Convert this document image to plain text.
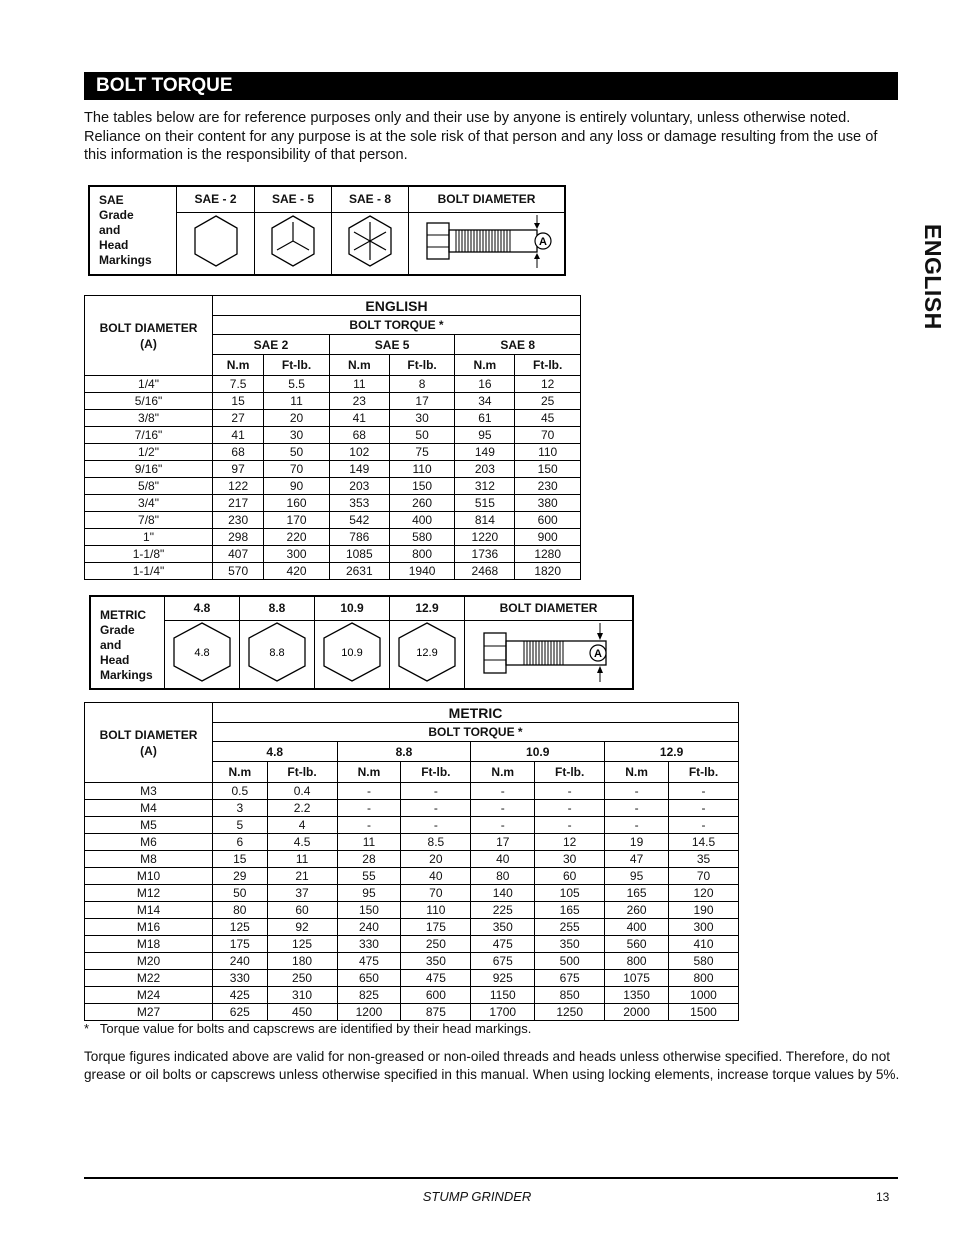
BOLT TORQUE
ENGLISH
The tables below are for reference purposes only and their use by anyone is entirely voluntary, unless otherwise noted. Reliance on their content for any purpose is at the sole risk of that person and any loss or damage resulting from the use of this information is the responsibility of that person.
SAE
Grade
and
Head
Markings	SAE - 2	SAE - 5	SAE - 8	BOLT DIAMETER

A
BOLT DIAMETER
(A)	ENGLISH					
	BOLT TORQUE *					
	SAE 2		SAE 5		SAE 8	
	N.m	Ft-lb.	N.m	Ft-lb.	N.m	Ft-lb.
1/4"	7.5	5.5	11	8	16	12
5/16"	15	11	23	17	34	25
3/8"	27	20	41	30	61	45
7/16"	41	30	68	50	95	70
1/2"	68	50	102	75	149	110
9/16"	97	70	149	110	203	150
5/8"	122	90	203	150	312	230
3/4"	217	160	353	260	515	380
7/8"	230	170	542	400	814	600
1"	298	220	786	580	1220	900
1-1/8"	407	300	1085	800	1736	1280
1-1/4"	570	420	2631	1940	2468	1820
METRIC
Grade
and
Head
Markings	4.8	8.8	10.9	12.9	BOLT DIAMETER

4.8	8.8	10.9	12.9	A
BOLT DIAMETER
(A)	METRIC							
	BOLT TORQUE *							
	4.8		8.8		10.9		12.9	
	N.m	Ft-lb.	N.m	Ft-lb.	N.m	Ft-lb.	N.m	Ft-lb.
M3	0.5	0.4	-	-	-	-	-	-
M4	3	2.2	-	-	-	-	-	-
M5	5	4	-	-	-	-	-	-
M6	6	4.5	11	8.5	17	12	19	14.5
M8	15	11	28	20	40	30	47	35
M10	29	21	55	40	80	60	95	70
M12	50	37	95	70	140	105	165	120
M14	80	60	150	110	225	165	260	190
M16	125	92	240	175	350	255	400	300
M18	175	125	330	250	475	350	560	410
M20	240	180	475	350	675	500	800	580
M22	330	250	650	475	925	675	1075	800
M24	425	310	825	600	1150	850	1350	1000
M27	625	450	1200	875	1700	1250	2000	1500
* Torque value for bolts and capscrews are identified by their head markings.
Torque figures indicated above are valid for non-greased or non-oiled threads and heads unless otherwise specified. Therefore, do not grease or oil bolts or capscrews unless otherwise specified in this manual. When using locking elements, increase torque values by 5%.
STUMP GRINDER	13
